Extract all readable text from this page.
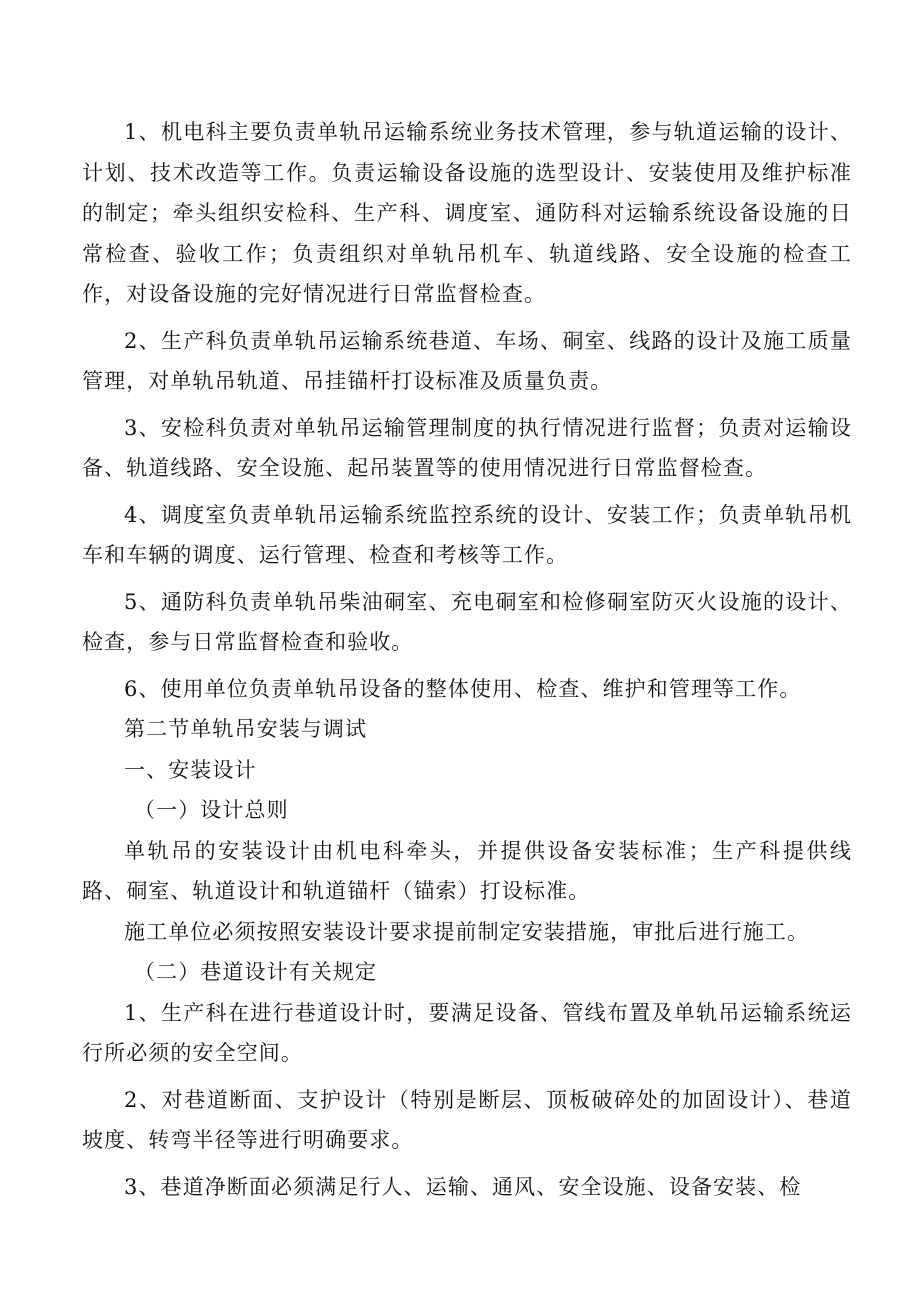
1、机电科主要负责单轨吊运输系统业务技术管理，参与轨道运输的设计、计划、技术改造等工作。负责运输设备设施的选型设计、安装使用及维护标准的制定；牵头组织安检科、生产科、调度室、通防科对运输系统设备设施的日常检查、验收工作；负责组织对单轨吊机车、轨道线路、安全设施的检查工作，对设备设施的完好情况进行日常监督检查。

2、生产科负责单轨吊运输系统巷道、车场、硐室、线路的设计及施工质量管理，对单轨吊轨道、吊挂锚杆打设标准及质量负责。

3、安检科负责对单轨吊运输管理制度的执行情况进行监督；负责对运输设备、轨道线路、安全设施、起吊装置等的使用情况进行日常监督检查。

4、调度室负责单轨吊运输系统监控系统的设计、安装工作；负责单轨吊机车和车辆的调度、运行管理、检查和考核等工作。

5、通防科负责单轨吊柴油硐室、充电硐室和检修硐室防灭火设施的设计、检查，参与日常监督检查和验收。

6、使用单位负责单轨吊设备的整体使用、检查、维护和管理等工作。

第二节单轨吊安装与调试

一、安装设计

（一）设计总则

单轨吊的安装设计由机电科牵头，并提供设备安装标准；生产科提供线路、硐室、轨道设计和轨道锚杆（锚索）打设标准。

施工单位必须按照安装设计要求提前制定安装措施，审批后进行施工。

（二）巷道设计有关规定

1、生产科在进行巷道设计时，要满足设备、管线布置及单轨吊运输系统运行所必须的安全空间。

2、对巷道断面、支护设计（特别是断层、顶板破碎处的加固设计）、巷道坡度、转弯半径等进行明确要求。

3、巷道净断面必须满足行人、运输、通风、安全设施、设备安装、检
